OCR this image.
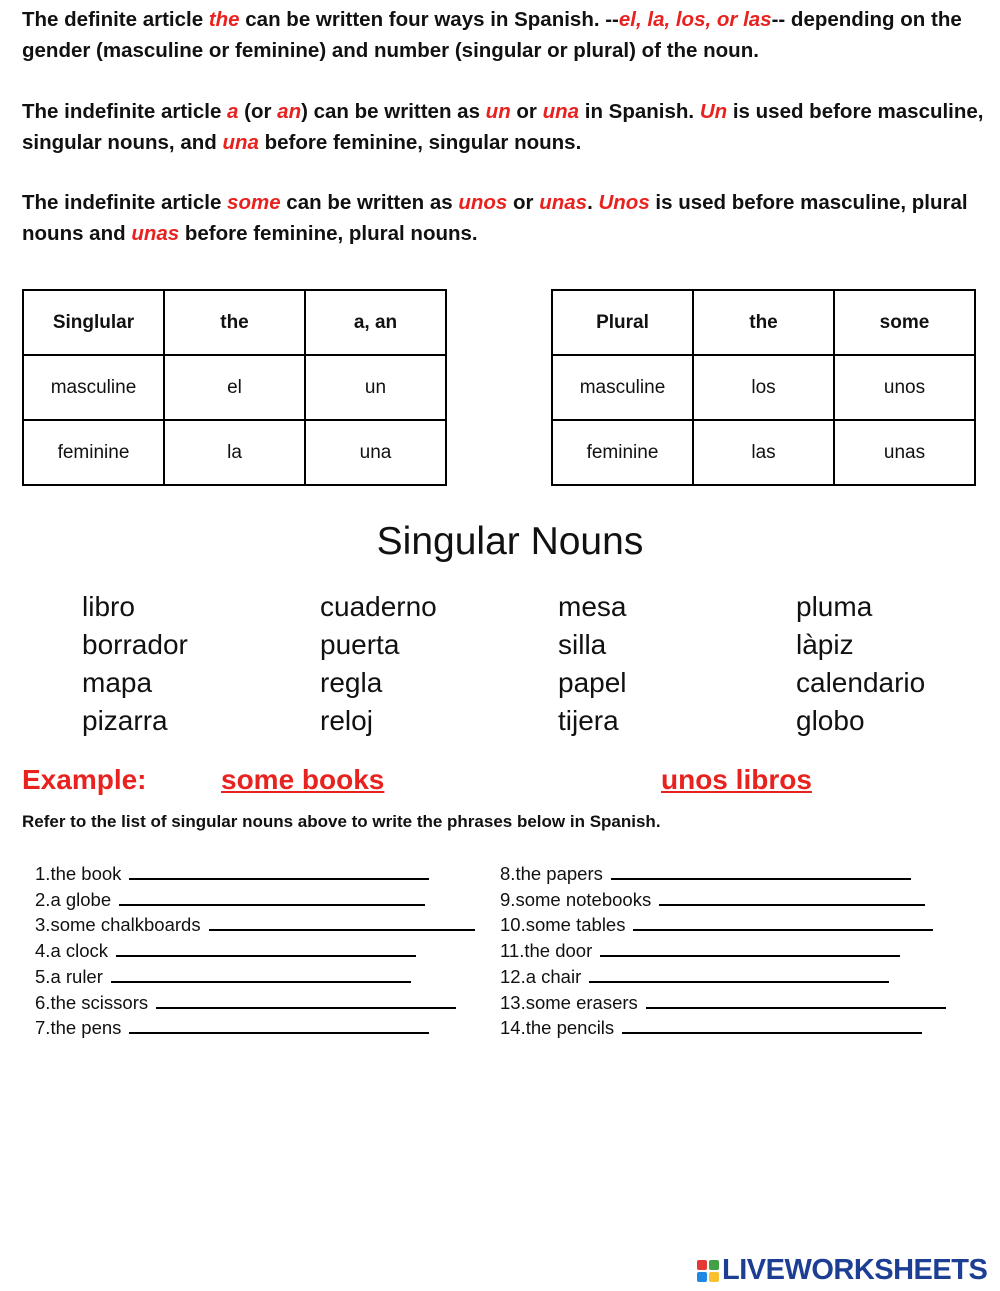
The definite article the can be written four ways in Spanish. --el, la, los, or las-- depending on the gender (masculine or feminine) and number (singular or plural) of the noun.

The indefinite article a (or an) can be written as un or una in Spanish. Un is used before masculine, singular nouns, and una before feminine, singular nouns.

The indefinite article some can be written as unos or unas. Unos is used before masculine, plural nouns and unas before feminine, plural nouns.

Singlular	the	a, an
masculine	el	un
feminine	la	una
Plural	the	some
masculine	los	unos
feminine	las	unas
Singular Nouns
libro	cuaderno	mesa	pluma
borrador	puerta	silla	làpiz
mapa	regla	papel	calendario
pizarra	reloj	tijera	globo
Example:	some books	unos libros

Refer to the list of singular nouns above to write the phrases below in Spanish.

1. the book
2. a globe
3. some chalkboards
4. a clock
5. a ruler
6. the scissors
7. the pens
8. the papers
9. some notebooks
10. some tables
11. the door
12. a chair
13. some erasers
14. the pencils
LIVEWORKSHEETS
